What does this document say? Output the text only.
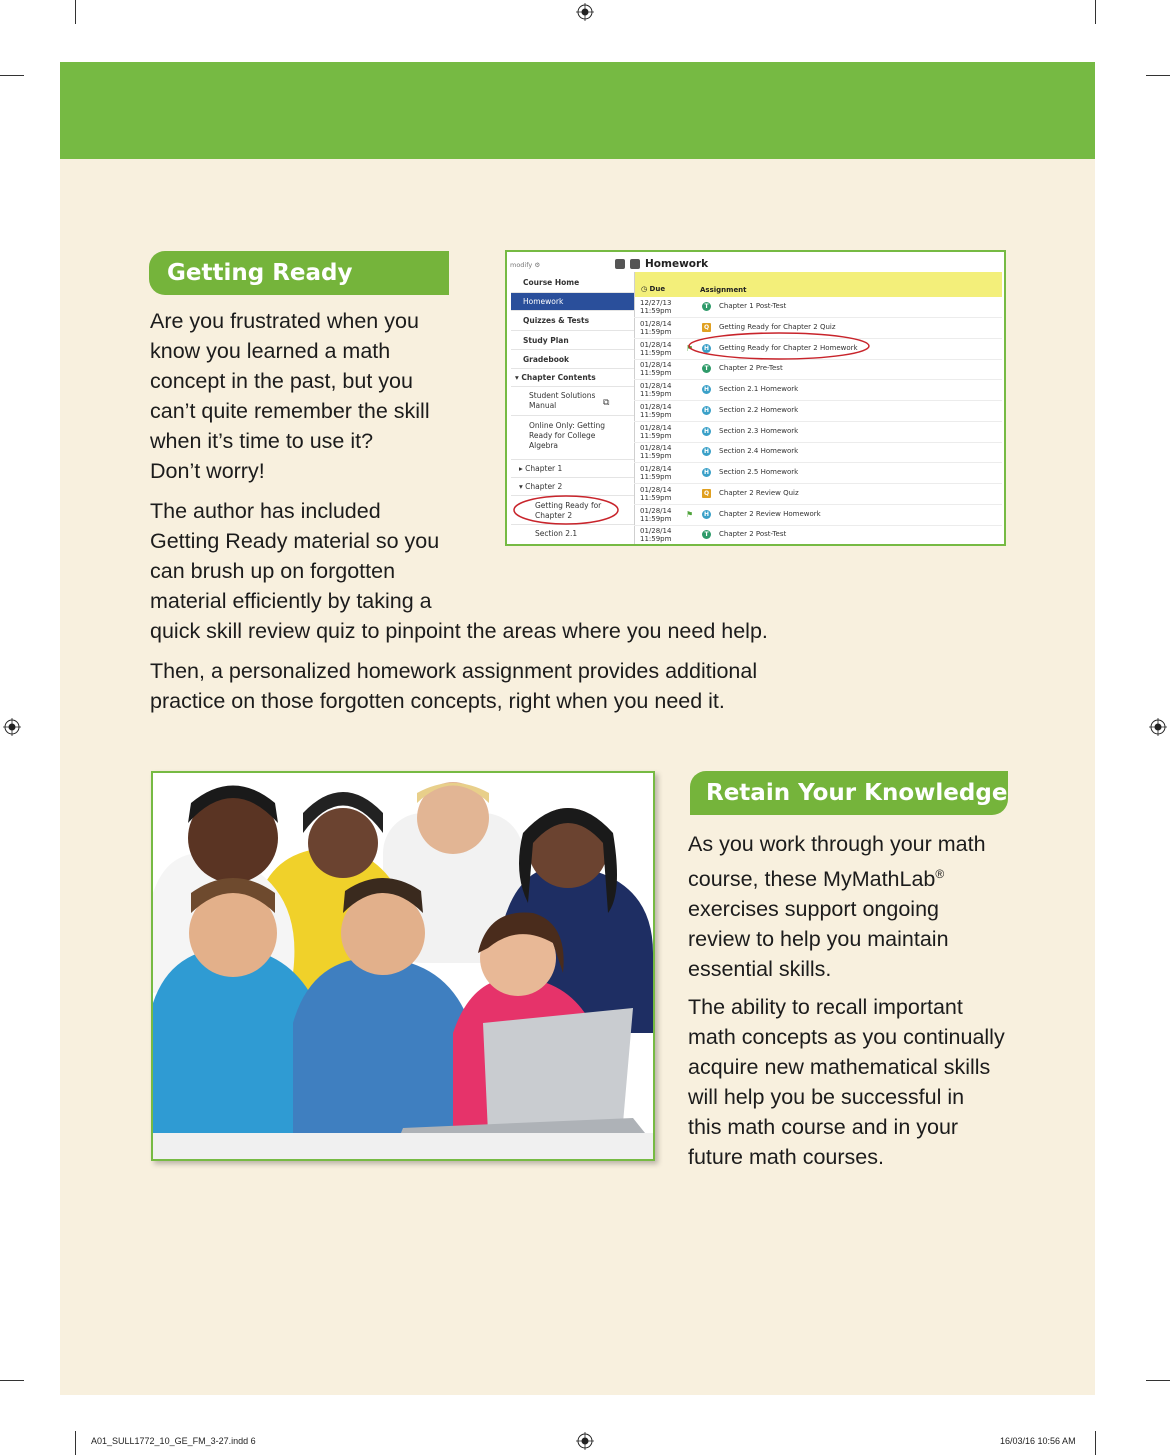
Getting Ready
Are you frustrated when you
know you learned a math
concept in the past, but you
can’t quite remember the skill
when it’s time to use it?
Don’t worry!
The author has included
Getting Ready material so you
can brush up on forgotten
material efficiently by taking a
quick skill review quiz to pinpoint the areas where you need help.
Then, a personalized homework assignment provides additional
practice on those forgotten concepts, right when you need it.
modify ⚙	Homework
Course Home
Homework
Quizzes & Tests
Study Plan
Gradebook
▾ Chapter Contents
Student Solutions Manual	⧉
Online Only: Getting Ready for College Algebra
▸ Chapter 1
▾ Chapter 2
Getting Ready for Chapter 2
Section 2.1
◷ Due	Assignment
12/27/13
11:59pm
T	Chapter 1 Post-Test
01/28/14
11:59pm
Q Getting Ready for Chapter 2 Quiz
01/28/14
11:59pm	⚑	H Getting Ready for Chapter 2 Homework
01/28/14
11:59pm
T	Chapter 2 Pre-Test
01/28/14
11:59pm
H Section 2.1 Homework
01/28/14
11:59pm
H Section 2.2 Homework
01/28/14
11:59pm
H Section 2.3 Homework
01/28/14
11:59pm
H Section 2.4 Homework
01/28/14
11:59pm
H Section 2.5 Homework
01/28/14
11:59pm
Q Chapter 2 Review Quiz
01/28/14
11:59pm	⚑	H Chapter 2 Review Homework
01/28/14
11:59pm
T	Chapter 2 Post-Test
Retain Your Knowledge
As you work through your math
course, these MyMathLab®
exercises support ongoing
review to help you maintain
essential skills.
The ability to recall important
math concepts as you continually
acquire new mathematical skills
will help you be successful in
this math course and in your
future math courses.
A01_SULL1772_10_GE_FM_3-27.indd 6	16/03/16 10:56 AM
